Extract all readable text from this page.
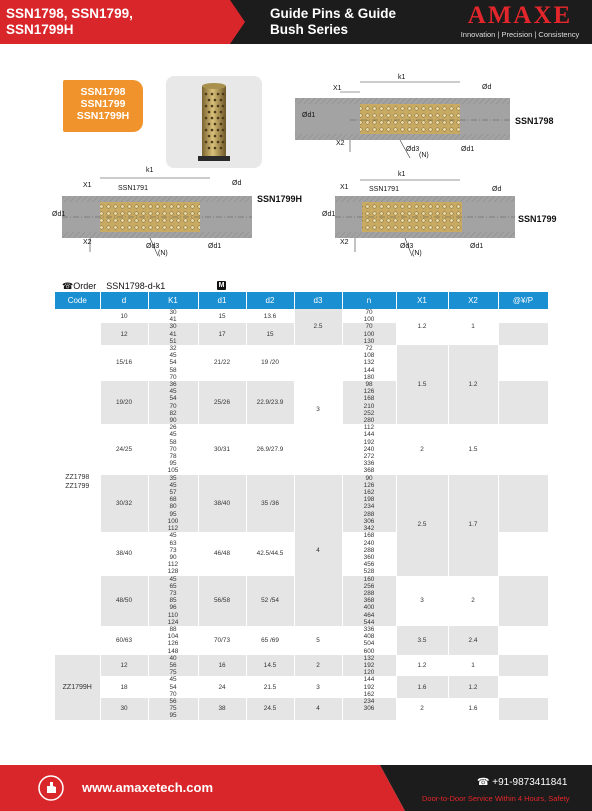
SSN1798, SSN1799,
SSN1799H
Guide Pins & Guide
Bush Series
AMAXE
Innovation | Precision | Consistency
SSN1798
SSN1799
SSN1799H	SSN1798
SSN1799H
SSN1799
k1
X1
X2
Ød
Ød1
Ød3
(N)
Ød1
k1
X1	SSN1791
Ød
Ød1
X2
Ød3
(N)
Ød1
k1
X1	SSN1791	Ød
Ød1
X2
Ød3
(N)
Ød1
☎Order SSN1798-d-k1	M
Code	d	K1	d1	d2	d3	n	X1	X2	@¥/P
ZZ1798
ZZ1799	10	30	15	13.6	2.5	70	1.2	1	
		41				100			
	12	30	17	15		70			
		41				100			
		51				130			
	15/16	32	21/22	19 /20	3	72	1.5	1.2	
		45				108			
		54				132			
		58				144			
		70				180			
	19/20	36	25/26	22.9/23.9		98			
		45				126			
		54				168			
		70				210			
		82				252			
		90				280			
	24/25	26	30/31	26.9/27.9		112	2	1.5	
		45				144			
		58				192			
		70				240			
		78				272			
		95				336			
		105				368			
	30/32	35	38/40	35 /36	4	90	2.5	1.7	
		45				126			
		57				162			
		68				198			
		80				234			
		95				288			
		100				306			
		112				342			
	38/40	45	46/48	42.5/44.5		168			
		63				240			
		73				288			
		90				360			
		112				456			
		128				528			
	48/50	45	56/58	52 /54		160	3	2	
		65				256			
		73				288			
		85				368			
		96				400			
		110				464			
		124				544			
	60/63	88	70/73	65 /69	5	336	3.5	2.4	
		104				408			
		126				504			
		148				600			
ZZ1799H	12	40	16	14.5	2	132	1.2	1	
		56				192			
		75				120			
	18	45	24	21.5	3	144	1.6	1.2	
		54				192			
		70				162			
	30	56	38	24.5	4	234	2	1.6	
		75				306			
		95							
www.amaxetech.com	☎ +91-9873411841
Door-to-Door Service Within 4 Hours, Safety
